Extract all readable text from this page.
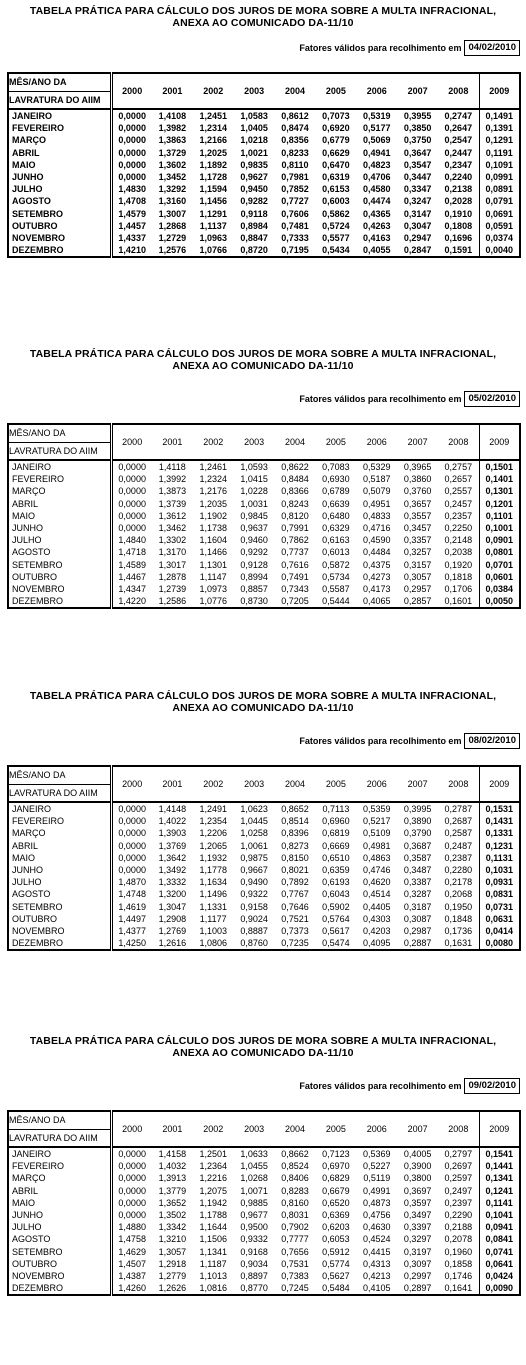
TABELA PRÁTICA PARA CÁLCULO DOS JUROS DE MORA SOBRE A MULTA INFRACIONAL,
ANEXA AO COMUNICADO DA-11/10
Fatores válidos para recolhimento em 04/02/2010
MÊS/ANO DA
LAVRATURA DO AIIM	2000	2001	2002	2003	2004	2005	2006	2007	2008	2009
JANEIRO	0,0000	1,4108	1,2451	1,0583	0,8612	0,7073	0,5319	0,3955	0,2747	0,1491
FEVEREIRO	0,0000	1,3982	1,2314	1,0405	0,8474	0,6920	0,5177	0,3850	0,2647	0,1391
MARÇO	0,0000	1,3863	1,2166	1,0218	0,8356	0,6779	0,5069	0,3750	0,2547	0,1291
ABRIL	0,0000	1,3729	1,2025	1,0021	0,8233	0,6629	0,4941	0,3647	0,2447	0,1191
MAIO	0,0000	1,3602	1,1892	0,9835	0,8110	0,6470	0,4823	0,3547	0,2347	0,1091
JUNHO	0,0000	1,3452	1,1728	0,9627	0,7981	0,6319	0,4706	0,3447	0,2240	0,0991
JULHO	1,4830	1,3292	1,1594	0,9450	0,7852	0,6153	0,4580	0,3347	0,2138	0,0891
AGOSTO	1,4708	1,3160	1,1456	0,9282	0,7727	0,6003	0,4474	0,3247	0,2028	0,0791
SETEMBRO	1,4579	1,3007	1,1291	0,9118	0,7606	0,5862	0,4365	0,3147	0,1910	0,0691
OUTUBRO	1,4457	1,2868	1,1137	0,8984	0,7481	0,5724	0,4263	0,3047	0,1808	0,0591
NOVEMBRO	1,4337	1,2729	1,0963	0,8847	0,7333	0,5577	0,4163	0,2947	0,1696	0,0374
DEZEMBRO	1,4210	1,2576	1,0766	0,8720	0,7195	0,5434	0,4055	0,2847	0,1591	0,0040
TABELA PRÁTICA PARA CÁLCULO DOS JUROS DE MORA SOBRE A MULTA INFRACIONAL,
ANEXA AO COMUNICADO DA-11/10
Fatores válidos para recolhimento em 05/02/2010
MÊS/ANO DA
LAVRATURA DO AIIM	2000	2001	2002	2003	2004	2005	2006	2007	2008	2009
JANEIRO	0,0000	1,4118	1,2461	1,0593	0,8622	0,7083	0,5329	0,3965	0,2757	0,1501
FEVEREIRO	0,0000	1,3992	1,2324	1,0415	0,8484	0,6930	0,5187	0,3860	0,2657	0,1401
MARÇO	0,0000	1,3873	1,2176	1,0228	0,8366	0,6789	0,5079	0,3760	0,2557	0,1301
ABRIL	0,0000	1,3739	1,2035	1,0031	0,8243	0,6639	0,4951	0,3657	0,2457	0,1201
MAIO	0,0000	1,3612	1,1902	0,9845	0,8120	0,6480	0,4833	0,3557	0,2357	0,1101
JUNHO	0,0000	1,3462	1,1738	0,9637	0,7991	0,6329	0,4716	0,3457	0,2250	0,1001
JULHO	1,4840	1,3302	1,1604	0,9460	0,7862	0,6163	0,4590	0,3357	0,2148	0,0901
AGOSTO	1,4718	1,3170	1,1466	0,9292	0,7737	0,6013	0,4484	0,3257	0,2038	0,0801
SETEMBRO	1,4589	1,3017	1,1301	0,9128	0,7616	0,5872	0,4375	0,3157	0,1920	0,0701
OUTUBRO	1,4467	1,2878	1,1147	0,8994	0,7491	0,5734	0,4273	0,3057	0,1818	0,0601
NOVEMBRO	1,4347	1,2739	1,0973	0,8857	0,7343	0,5587	0,4173	0,2957	0,1706	0,0384
DEZEMBRO	1,4220	1,2586	1,0776	0,8730	0,7205	0,5444	0,4065	0,2857	0,1601	0,0050
TABELA PRÁTICA PARA CÁLCULO DOS JUROS DE MORA SOBRE A MULTA INFRACIONAL,
ANEXA AO COMUNICADO DA-11/10
Fatores válidos para recolhimento em 08/02/2010
MÊS/ANO DA
LAVRATURA DO AIIM	2000	2001	2002	2003	2004	2005	2006	2007	2008	2009
JANEIRO	0,0000	1,4148	1,2491	1,0623	0,8652	0,7113	0,5359	0,3995	0,2787	0,1531
FEVEREIRO	0,0000	1,4022	1,2354	1,0445	0,8514	0,6960	0,5217	0,3890	0,2687	0,1431
MARÇO	0,0000	1,3903	1,2206	1,0258	0,8396	0,6819	0,5109	0,3790	0,2587	0,1331
ABRIL	0,0000	1,3769	1,2065	1,0061	0,8273	0,6669	0,4981	0,3687	0,2487	0,1231
MAIO	0,0000	1,3642	1,1932	0,9875	0,8150	0,6510	0,4863	0,3587	0,2387	0,1131
JUNHO	0,0000	1,3492	1,1778	0,9667	0,8021	0,6359	0,4746	0,3487	0,2280	0,1031
JULHO	1,4870	1,3332	1,1634	0,9490	0,7892	0,6193	0,4620	0,3387	0,2178	0,0931
AGOSTO	1,4748	1,3200	1,1496	0,9322	0,7767	0,6043	0,4514	0,3287	0,2068	0,0831
SETEMBRO	1,4619	1,3047	1,1331	0,9158	0,7646	0,5902	0,4405	0,3187	0,1950	0,0731
OUTUBRO	1,4497	1,2908	1,1177	0,9024	0,7521	0,5764	0,4303	0,3087	0,1848	0,0631
NOVEMBRO	1,4377	1,2769	1,1003	0,8887	0,7373	0,5617	0,4203	0,2987	0,1736	0,0414
DEZEMBRO	1,4250	1,2616	1,0806	0,8760	0,7235	0,5474	0,4095	0,2887	0,1631	0,0080
TABELA PRÁTICA PARA CÁLCULO DOS JUROS DE MORA SOBRE A MULTA INFRACIONAL,
ANEXA AO COMUNICADO DA-11/10
Fatores válidos para recolhimento em 09/02/2010
MÊS/ANO DA
LAVRATURA DO AIIM	2000	2001	2002	2003	2004	2005	2006	2007	2008	2009
JANEIRO	0,0000	1,4158	1,2501	1,0633	0,8662	0,7123	0,5369	0,4005	0,2797	0,1541
FEVEREIRO	0,0000	1,4032	1,2364	1,0455	0,8524	0,6970	0,5227	0,3900	0,2697	0,1441
MARÇO	0,0000	1,3913	1,2216	1,0268	0,8406	0,6829	0,5119	0,3800	0,2597	0,1341
ABRIL	0,0000	1,3779	1,2075	1,0071	0,8283	0,6679	0,4991	0,3697	0,2497	0,1241
MAIO	0,0000	1,3652	1,1942	0,9885	0,8160	0,6520	0,4873	0,3597	0,2397	0,1141
JUNHO	0,0000	1,3502	1,1788	0,9677	0,8031	0,6369	0,4756	0,3497	0,2290	0,1041
JULHO	1,4880	1,3342	1,1644	0,9500	0,7902	0,6203	0,4630	0,3397	0,2188	0,0941
AGOSTO	1,4758	1,3210	1,1506	0,9332	0,7777	0,6053	0,4524	0,3297	0,2078	0,0841
SETEMBRO	1,4629	1,3057	1,1341	0,9168	0,7656	0,5912	0,4415	0,3197	0,1960	0,0741
OUTUBRO	1,4507	1,2918	1,1187	0,9034	0,7531	0,5774	0,4313	0,3097	0,1858	0,0641
NOVEMBRO	1,4387	1,2779	1,1013	0,8897	0,7383	0,5627	0,4213	0,2997	0,1746	0,0424
DEZEMBRO	1,4260	1,2626	1,0816	0,8770	0,7245	0,5484	0,4105	0,2897	0,1641	0,0090
